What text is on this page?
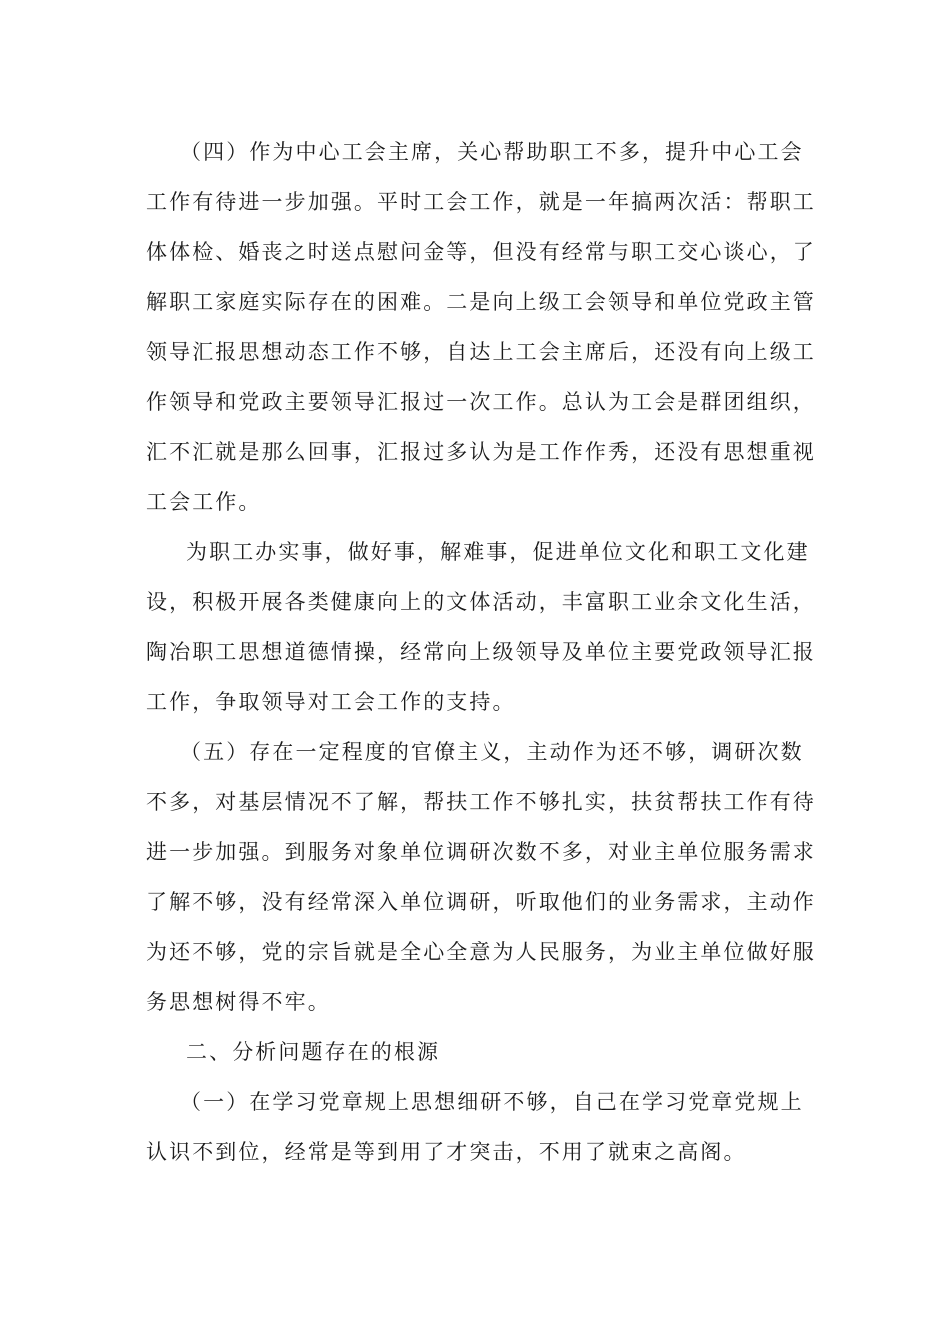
（四）作为中心工会主席，关心帮助职工不多，提升中心工会
工作有待进一步加强。平时工会工作，就是一年搞两次活：帮职工
体体检、婚丧之时送点慰问金等，但没有经常与职工交心谈心，了
解职工家庭实际存在的困难。二是向上级工会领导和单位党政主管
领导汇报思想动态工作不够，自达上工会主席后，还没有向上级工
作领导和党政主要领导汇报过一次工作。总认为工会是群团组织，
汇不汇就是那么回事，汇报过多认为是工作作秀，还没有思想重视
工会工作。
为职工办实事，做好事，解难事，促进单位文化和职工文化建
设，积极开展各类健康向上的文体活动，丰富职工业余文化生活，
陶冶职工思想道德情操，经常向上级领导及单位主要党政领导汇报
工作，争取领导对工会工作的支持。
（五）存在一定程度的官僚主义，主动作为还不够，调研次数
不多，对基层情况不了解，帮扶工作不够扎实，扶贫帮扶工作有待
进一步加强。到服务对象单位调研次数不多，对业主单位服务需求
了解不够，没有经常深入单位调研，听取他们的业务需求，主动作
为还不够，党的宗旨就是全心全意为人民服务，为业主单位做好服
务思想树得不牢。
二、分析问题存在的根源
（一）在学习党章规上思想细研不够，自己在学习党章党规上
认识不到位，经常是等到用了才突击，不用了就束之高阁。
